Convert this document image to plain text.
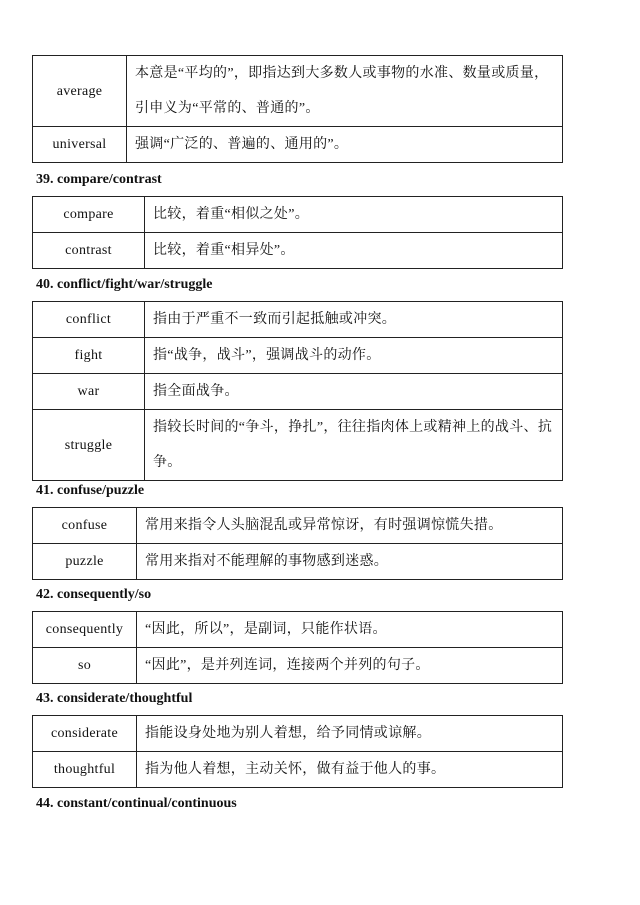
average	本意是“平均的”，即指达到大多数人或事物的水准、数量或质量，引申义为“平常的、普通的”。
universal	强调“广泛的、普遍的、通用的”。
39. compare/contrast
compare	比较，着重“相似之处”。
contrast	比较，着重“相异处”。
40. conflict/fight/war/struggle
conflict	指由于严重不一致而引起抵触或冲突。
fight	指“战争，战斗”，强调战斗的动作。
war	指全面战争。
struggle	指较长时间的“争斗，挣扎”，往往指肉体上或精神上的战斗、抗争。
41. confuse/puzzle
confuse	常用来指令人头脑混乱或异常惊讶，有时强调惊慌失措。
puzzle	常用来指对不能理解的事物感到迷惑。
42. consequently/so
consequently	“因此，所以”，是副词，只能作状语。
so	“因此”，是并列连词，连接两个并列的句子。
43. considerate/thoughtful
considerate	指能设身处地为别人着想，给予同情或谅解。
thoughtful	指为他人着想，主动关怀，做有益于他人的事。
44. constant/continual/continuous
